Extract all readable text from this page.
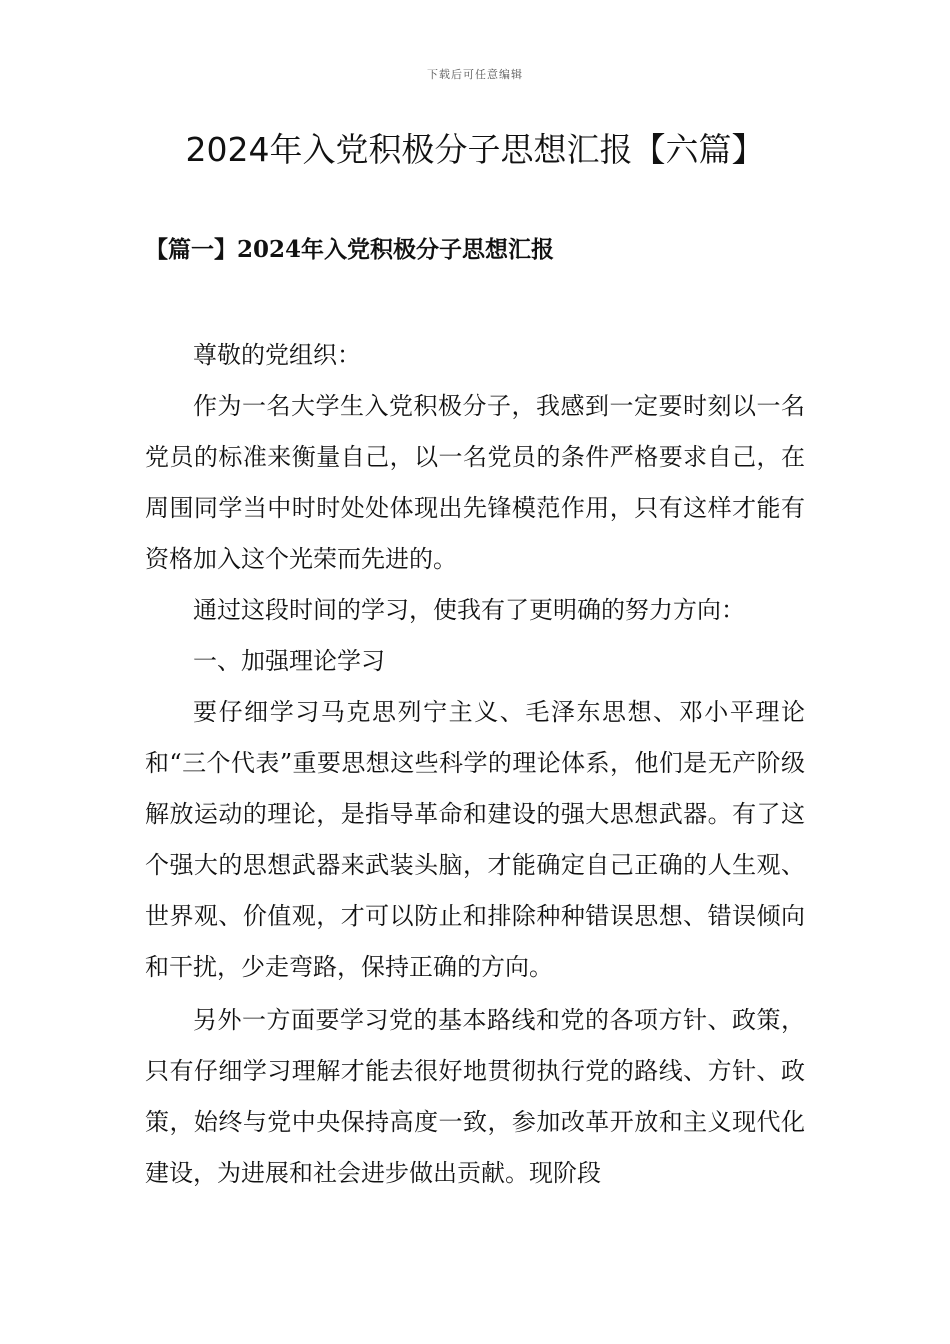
下载后可任意编辑
2024年入党积极分子思想汇报【六篇】
【篇一】2024年入党积极分子思想汇报

尊敬的党组织：

作为一名大学生入党积极分子，我感到一定要时刻以一名党员的标准来衡量自己，以一名党员的条件严格要求自己，在周围同学当中时时处处体现出先锋模范作用，只有这样才能有资格加入这个光荣而先进的。

通过这段时间的学习，使我有了更明确的努力方向：

一、加强理论学习

要仔细学习马克思列宁主义、毛泽东思想、邓小平理论和“三个代表”重要思想这些科学的理论体系，他们是无产阶级解放运动的理论，是指导革命和建设的强大思想武器。有了这个强大的思想武器来武装头脑，才能确定自己正确的人生观、世界观、价值观，才可以防止和排除种种错误思想、错误倾向和干扰，少走弯路，保持正确的方向。

另外一方面要学习党的基本路线和党的各项方针、政策，只有仔细学习理解才能去很好地贯彻执行党的路线、方针、政策，始终与党中央保持高度一致，参加改革开放和主义现代化建设，为进展和社会进步做出贡献。现阶段
